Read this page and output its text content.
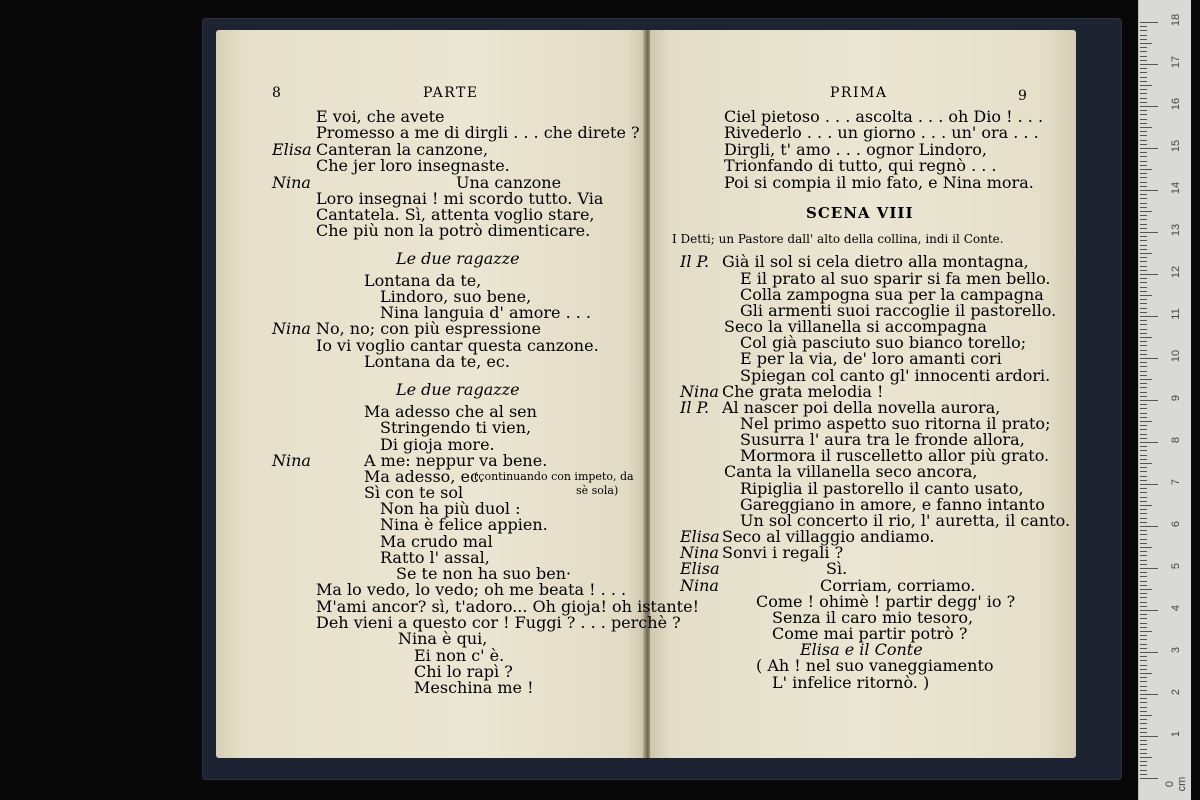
8	PARTE
E voi, che avete
Promesso a me di dirgli . . . che direte ?
Elisa Canteran la canzone,
Che jer loro insegnaste.
Nina	Una canzone
Loro insegnai ! mi scordo tutto. Via
Cantatela. Sì, attenta voglio stare,
Che più non la potrò dimenticare.
Le due ragazze
Lontana da te,
Lindoro, suo bene,
Nina languia d' amore . . .
Nina No, no; con più espressione
Io vi voglio cantar questa canzone.
Lontana da te, ec.
Le due ragazze
Ma adesso che al sen
Stringendo ti vien,
Di gioja more.
Nina	A me: neppur va bene.
Ma adesso, ec.
Sì con te sol
Non ha più duol :
Nina è felice appien.
Ma crudo mal
Ratto l' assal,
Se te non ha suo ben·
Ma lo vedo, lo vedo; oh me beata ! . . .
M'ami ancor? sì, t'adoro... Oh gioja! oh istante!
Deh vieni a questo cor ! Fuggi ? . . . perchè ?
Nina è qui,
Ei non c' è.
Chi lo rapì ?
Meschina me !
(continuando con impeto, da
sè sola)
9
PRIMA
SCENA VIII
I Detti; un Pastore dall' alto della collina, indi il Conte.
Ciel pietoso . . . ascolta . . . oh Dio ! . . .
Rivederlo . . . un giorno . . . un' ora . . .
Dirgli, t' amo . . . ognor Lindoro,
Trionfando di tutto, qui regnò . . .
Poi si compia il mio fato, e Nina mora.
Il P. Già il sol si cela dietro alla montagna,
E il prato al suo sparir si fa men bello.
Colla zampogna sua per la campagna
Gli armenti suoi raccoglie il pastorello.
Seco la villanella si accompagna
Col già pasciuto suo bianco torello;
E per la via, de' loro amanti cori
Spiegan col canto gl' innocenti ardori.
Nina Che grata melodia !
Il P. Al nascer poi della novella aurora,
Nel primo aspetto suo ritorna il prato;
Susurra l' aura tra le fronde allora,
Mormora il ruscelletto allor più grato.
Canta la villanella seco ancora,
Ripiglia il pastorello il canto usato,
Gareggiano in amore, e fanno intanto
Un sol concerto il rio, l' auretta, il canto.
Elisa Seco al villaggio andiamo.
Nina Sonvi i regali ?
Elisa	Sì.
Nina	Corriam, corriamo.
Come ! ohimè ! partir degg' io ?
Senza il caro mio tesoro,
Come mai partir potrò ?
Elisa e il Conte
( Ah ! nel suo vaneggiamento
L' infelice ritornò. )
1
2
3
4
5
6
7
8
9
10
11
12
13
14
15
16
17
18
0 cm
